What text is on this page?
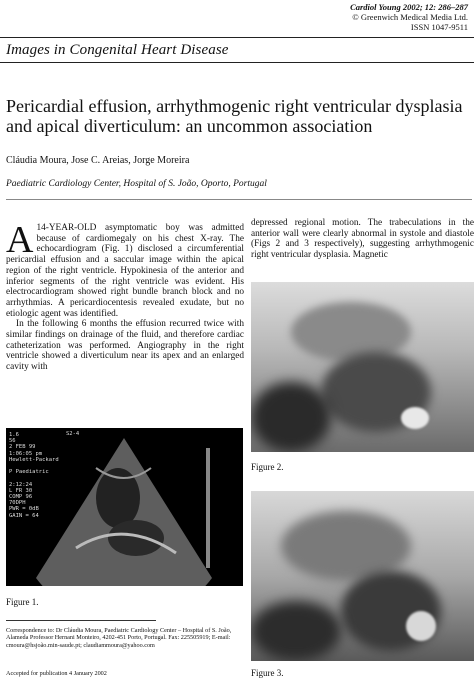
Cardiol Young 2002; 12: 286–287
© Greenwich Medical Media Ltd.
ISSN 1047-9511
Images in Congenital Heart Disease
Pericardial effusion, arrhythmogenic right ventricular dysplasia and apical diverticulum: an uncommon association
Cláudia Moura, Jose C. Areias, Jorge Moreira
Paediatric Cardiology Center, Hospital of S. João, Oporto, Portugal

A 14-YEAR-OLD asymptomatic boy was admitted because of cardiomegaly on his chest X-ray. The echocardiogram (Fig. 1) disclosed a circumferential pericardial effusion and a saccular image within the apical region of the right ventricle. Hypokinesia of the anterior and inferior segments of the right ventricle was evident. His electrocardiogram showed right bundle branch block and no arrhythmias. A pericardiocentesis revealed exudate, but no etiologic agent was identified.

In the following 6 months the effusion recurred twice with similar findings on drainage of the fluid, and therefore cardiac catheterization was performed. Angiography in the right ventricle showed a diverticulum near its apex and an enlarged cavity with

depressed regional motion. The trabeculations in the anterior wall were clearly abnormal in systole and diastole (Figs 2 and 3 respectively), suggesting arrhythmogenic right ventricular dysplasia. Magnetic

1.6
56
2 FEB 99
1:06:05 pm
Hewlett-Packard

P Paediatric

2:12:24
L FR 30
COMP 96
70DPH
PWR = 0dB
GAIN = 64
S2-4
Figure 1.
Figure 2.
Figure 3.
Correspondence to: Dr Cláudia Moura, Paediatric Cardiology Center – Hospital of S. João, Alameda Professor Hernani Monteiro, 4202-451 Porto, Portugal. Fax: 225505919; E-mail: cmoura@hsjoão.min-saude.pt; claudiammoura@yahoo.com
Accepted for publication 4 January 2002
